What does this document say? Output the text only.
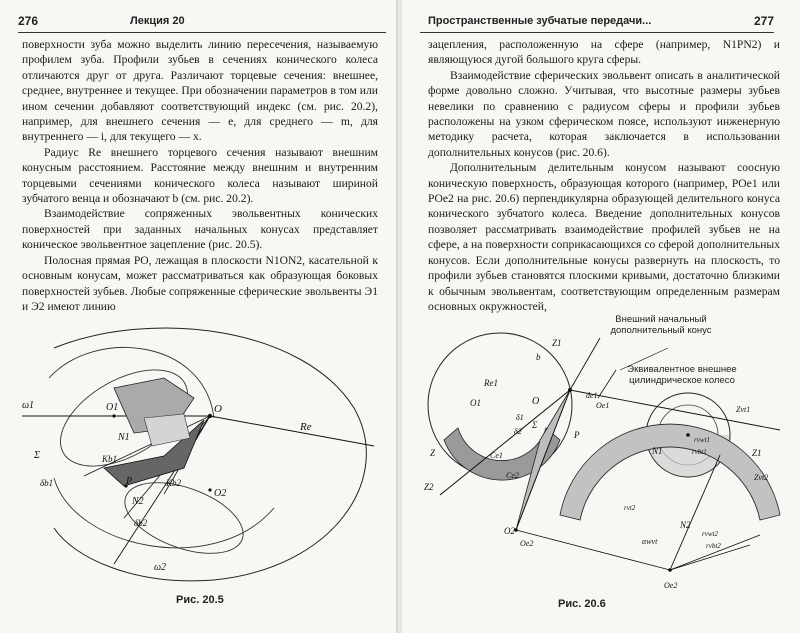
276	Лекция 20

поверхности зуба можно выделить линию пересечения, называемую профилем зуба. Профили зубьев в сечениях конического колеса отличаются друг от друга. Различают торцевые сечения: внешнее, среднее, внутреннее и текущее. При обозначении параметров в том или ином сечении добавляют соответствующий индекс (см. рис. 20.2), например, для внешнего сечения — e, для среднего — m, для внутреннего — i, для текущего — x.

Радиус Re внешнего торцевого сечения называют внешним конусным расстоянием. Расстояние между внешним и внутренним торцевыми сечениями конического колеса называют шириной зубчатого венца и обозначают b (см. рис. 20.2).

Взаимодействие сопряженных эвольвентных конических поверхностей при заданных начальных конусах представляет коническое эвольвентное зацепление (рис. 20.5).

Полосная прямая PO, лежащая в плоскости N1ON2, касательной к основным конусам, может рассматриваться как образующая боковых поверхностей зубьев. Любые сопряженные сферические эвольвенты Э1 и Э2 имеют линию

ω1	O1	O
N1
Kb1
Σ
δb1	P	Kb2
N2
O2
δb2
Re
ω2
Рис. 20.5
Пространственные зубчатые передачи...	277

зацепления, расположенную на сфере (например, N1PN2) и являющуюся дугой большого круга сферы.

Взаимодействие сферических эвольвент описать в аналитической форме довольно сложно. Учитывая, что высотные размеры зубьев невелики по сравнению с радиусом сферы и профили зубьев расположены на узком сферическом поясе, используют инженерную методику расчета, которая заключается в использовании дополнительных конусов (рис. 20.6).

Дополнительным делительным конусом называют соосную коническую поверхность, образующая которого (например, POe1 или POe2 на рис. 20.6) перпендикулярна образующей делительного конуса конического зубчатого колеса. Введение дополнительных конусов позволяет рассматривать взаимодействие профилей зубьев не на сфере, а на поверхности соприкасающихся со сферой дополнительных конусов. Если дополнительные конусы развернуть на плоскость, то профили зубьев становятся плоскими кривыми, достаточно близкими к обычным эвольвентам, соответствующим определенным размерам основных окружностей,

Внешний начальный дополнительный конус
Эквивалентное внешнее цилиндрическое колесо
Z1
b
Re1
O1	O
δ1
δ2
Σ
de1
Oe1
P
Ce1
Ce2
Z2
Z
O2
Oe2
Zvt1
N1
rvwt1
rvbt1
Zvt2
N2
rvwt2
rvbt2
αwvt
rvt2
Z1
Oe2
Рис. 20.6
